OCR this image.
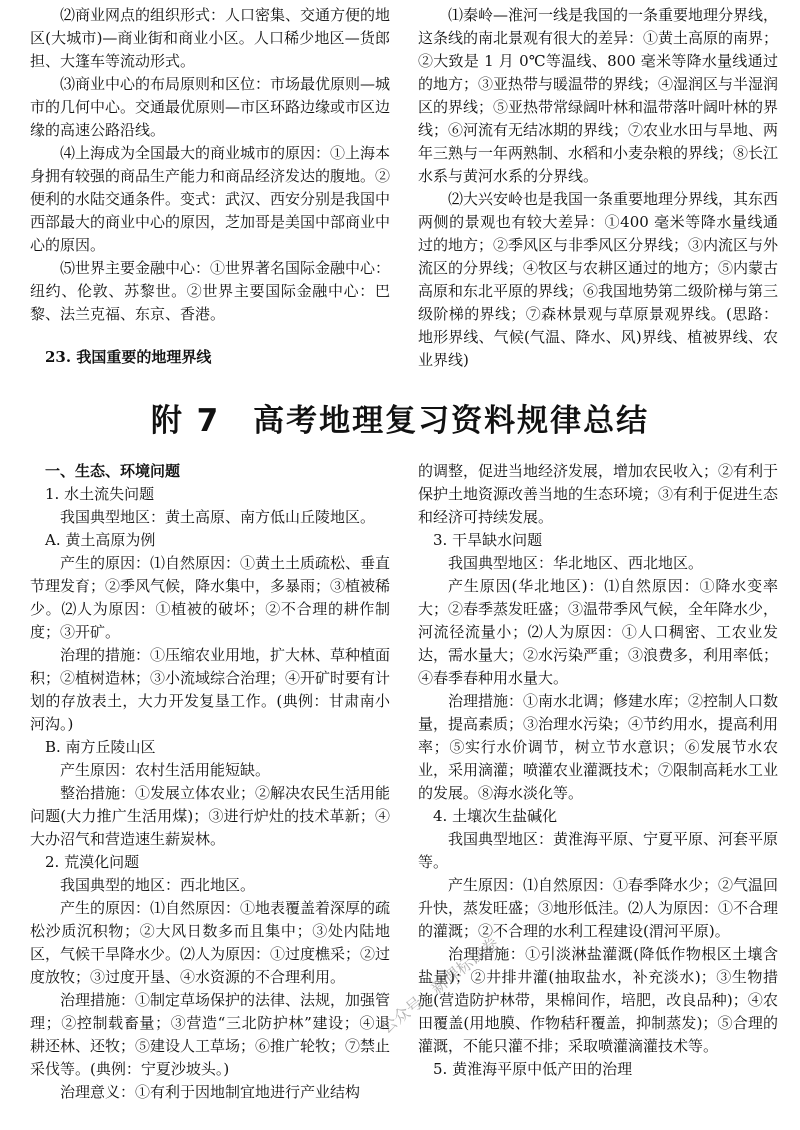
⑵商业网点的组织形式：人口密集、交通方便的地区(大城市)—商业街和商业小区。人口稀少地区—货郎担、大篷车等流动形式。

⑶商业中心的布局原则和区位：市场最优原则—城市的几何中心。交通最优原则—市区环路边缘或市区边缘的高速公路沿线。

⑷上海成为全国最大的商业城市的原因：①上海本身拥有较强的商品生产能力和商品经济发达的腹地。②便利的水陆交通条件。变式：武汉、西安分别是我国中西部最大的商业中心的原因，芝加哥是美国中部商业中心的原因。

⑸世界主要金融中心：①世界著名国际金融中心：纽约、伦敦、苏黎世。②世界主要国际金融中心：巴黎、法兰克福、东京、香港。

23. 我国重要的地理界线

⑴秦岭—淮河一线是我国的一条重要地理分界线，这条线的南北景观有很大的差异：①黄土高原的南界；②大致是 1 月 0℃等温线、800 毫米等降水量线通过的地方；③亚热带与暖温带的界线；④湿润区与半湿润区的界线；⑤亚热带常绿阔叶林和温带落叶阔叶林的界线；⑥河流有无结冰期的界线；⑦农业水田与旱地、两年三熟与一年两熟制、水稻和小麦杂粮的界线；⑧长江水系与黄河水系的分界线。

⑵大兴安岭也是我国一条重要地理分界线，其东西两侧的景观也有较大差异：①400 毫米等降水量线通过的地方；②季风区与非季风区分界线；③内流区与外流区的分界线；④牧区与农耕区通过的地方；⑤内蒙古高原和东北平原的界线；⑥我国地势第二级阶梯与第三级阶梯的界线；⑦森林景观与草原景观界线。(思路：地形界线、气候(气温、降水、风)界线、植被界线、农业界线)

附 7　高考地理复习资料规律总结

一、生态、环境问题

1. 水土流失问题

我国典型地区：黄土高原、南方低山丘陵地区。

A. 黄土高原为例

产生的原因：⑴自然原因：①黄土土质疏松、垂直节理发育；②季风气候，降水集中，多暴雨；③植被稀少。⑵人为原因：①植被的破坏；②不合理的耕作制度；③开矿。

治理的措施：①压缩农业用地，扩大林、草种植面积；②植树造林；③小流域综合治理；④开矿时要有计划的存放表土，大力开发复垦工作。(典例：甘肃南小河沟。)

B. 南方丘陵山区

产生原因：农村生活用能短缺。

整治措施：①发展立体农业；②解决农民生活用能问题(大力推广生活用煤)；③进行炉灶的技术革新；④大办沼气和营造速生薪炭林。

2. 荒漠化问题

我国典型的地区：西北地区。

产生的原因：⑴自然原因：①地表覆盖着深厚的疏松沙质沉积物；②大风日数多而且集中；③处内陆地区，气候干旱降水少。⑵人为原因：①过度樵采；②过度放牧；③过度开垦、④水资源的不合理利用。

治理措施：①制定草场保护的法律、法规，加强管理；②控制载畜量；③营造“三北防护林”建设；④退耕还林、还牧；⑤建设人工草场；⑥推广轮牧；⑦禁止采伐等。(典例：宁夏沙坡头。)

治理意义：①有利于因地制宜地进行产业结构

的调整，促进当地经济发展，增加农民收入；②有利于保护土地资源改善当地的生态环境；③有利于促进生态和经济可持续发展。

3. 干旱缺水问题

我国典型地区：华北地区、西北地区。

产生原因(华北地区)：⑴自然原因：①降水变率大；②春季蒸发旺盛；③温带季风气候，全年降水少，河流径流量小；⑵人为原因：①人口稠密、工农业发达，需水量大；②水污染严重；③浪费多，利用率低；④春季春种用水量大。

治理措施：①南水北调；修建水库；②控制人口数量，提高素质；③治理水污染；④节约用水，提高利用率；⑤实行水价调节，树立节水意识；⑥发展节水农业，采用滴灌；喷灌农业灌溉技术；⑦限制高耗水工业的发展。⑧海水淡化等。

4. 土壤次生盐碱化

我国典型地区：黄淮海平原、宁夏平原、河套平原等。

产生原因：⑴自然原因：①春季降水少；②气温回升快，蒸发旺盛；③地形低洼。⑵人为原因：①不合理的灌溉；②不合理的水利工程建设(渭河平原)。

治理措施：①引淡淋盐灌溉(降低作物根区土壤含盐量)；②井排井灌(抽取盐水，补充淡水)；③生物措施(营造防护林带，果棉间作，培肥，改良品种)；④农田覆盖(用地膜、作物秸秆覆盖，抑制蒸发)；⑤合理的灌溉，不能只灌不排；采取喷灌滴灌技术等。

5. 黄淮海平原中低产田的治理

公众号：新课标试卷
